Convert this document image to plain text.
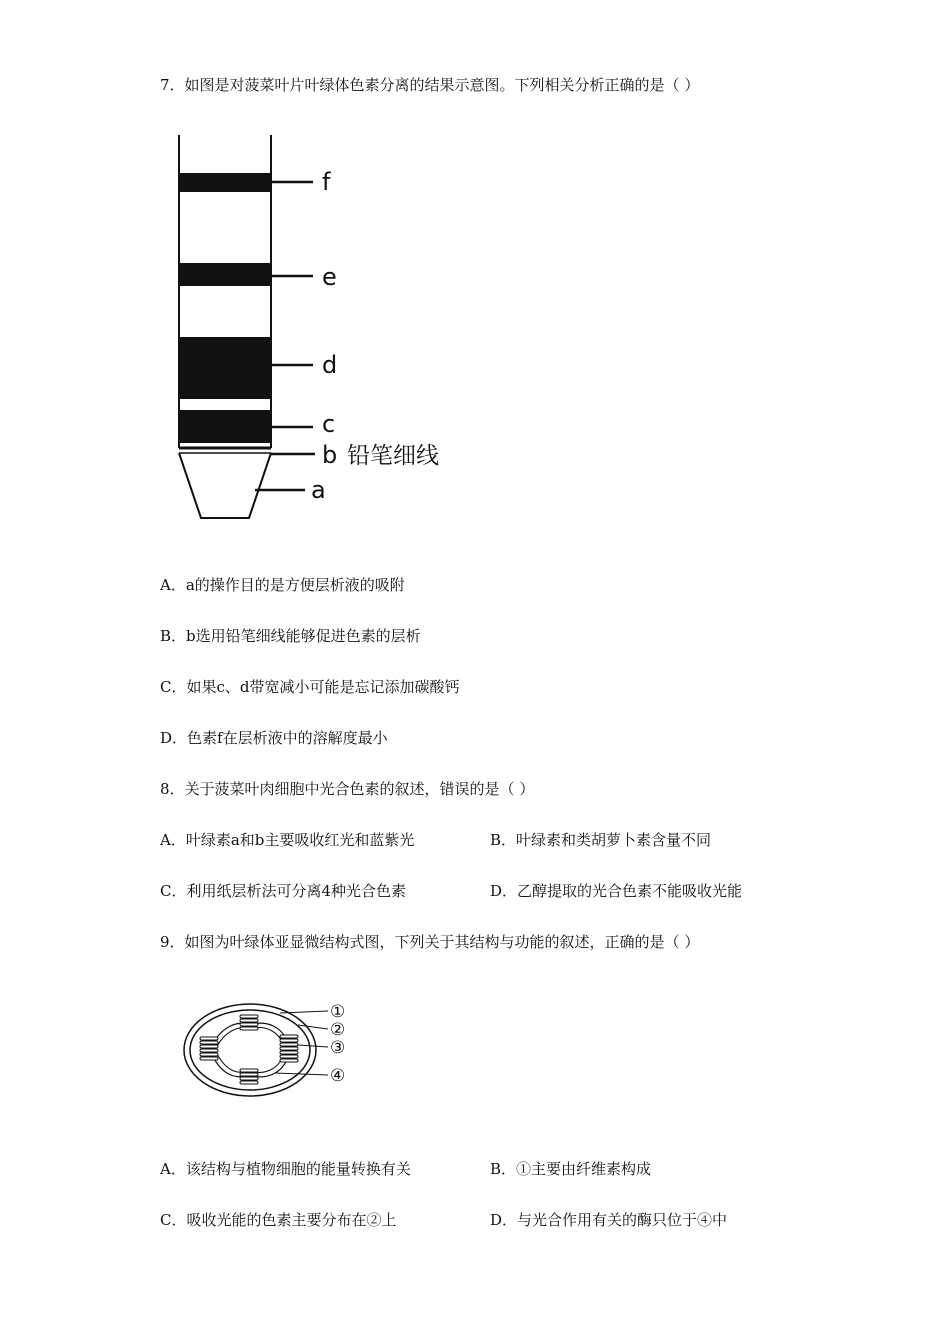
7．如图是对菠菜叶片叶绿体色素分离的结果示意图。下列相关分析正确的是（ ）
f
e
d
c
b 铅笔细线
a
A．a的操作目的是方便层析液的吸附
B．b选用铅笔细线能够促进色素的层析
C．如果c、d带宽减小可能是忘记添加碳酸钙
D．色素f在层析液中的溶解度最小
8．关于菠菜叶肉细胞中光合色素的叙述，错误的是（ ）
A．叶绿素a和b主要吸收红光和蓝紫光	B．叶绿素和类胡萝卜素含量不同
C．利用纸层析法可分离4种光合色素	D．乙醇提取的光合色素不能吸收光能
9．如图为叶绿体亚显微结构式图，下列关于其结构与功能的叙述，正确的是（ ）
①
②
③
④
A．该结构与植物细胞的能量转换有关	B．①主要由纤维素构成
C．吸收光能的色素主要分布在②上	D．与光合作用有关的酶只位于④中
